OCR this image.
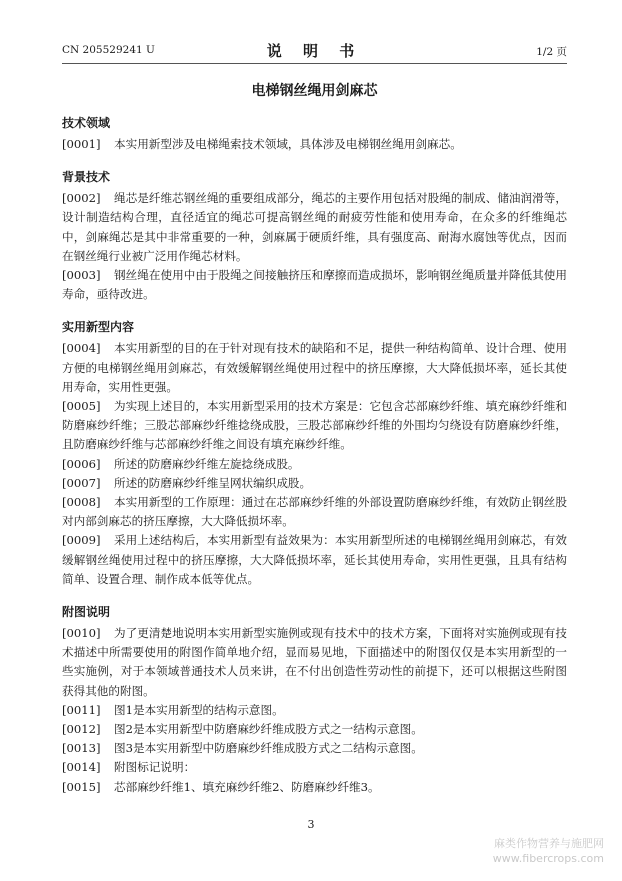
CN 205529241 U	说 明 书	1/2 页
电梯钢丝绳用剑麻芯
技术领域

[0001] 本实用新型涉及电梯绳索技术领域，具体涉及电梯钢丝绳用剑麻芯。

背景技术

[0002] 绳芯是纤维芯钢丝绳的重要组成部分，绳芯的主要作用包括对股绳的制成、储油润滑等，设计制造结构合理，直径适宜的绳芯可提高钢丝绳的耐疲劳性能和使用寿命，在众多的纤维绳芯中，剑麻绳芯是其中非常重要的一种，剑麻属于硬质纤维，具有强度高、耐海水腐蚀等优点，因而在钢丝绳行业被广泛用作绳芯材料。

[0003] 钢丝绳在使用中由于股绳之间接触挤压和摩擦而造成损坏，影响钢丝绳质量并降低其使用寿命，亟待改进。

实用新型内容

[0004] 本实用新型的目的在于针对现有技术的缺陷和不足，提供一种结构简单、设计合理、使用方便的电梯钢丝绳用剑麻芯，有效缓解钢丝绳使用过程中的挤压摩擦，大大降低损坏率，延长其使用寿命，实用性更强。

[0005] 为实现上述目的，本实用新型采用的技术方案是：它包含芯部麻纱纤维、填充麻纱纤维和防磨麻纱纤维；三股芯部麻纱纤维捻绕成股，三股芯部麻纱纤维的外围均匀绕设有防磨麻纱纤维，且防磨麻纱纤维与芯部麻纱纤维之间设有填充麻纱纤维。

[0006] 所述的防磨麻纱纤维左旋捻绕成股。

[0007] 所述的防磨麻纱纤维呈网状编织成股。

[0008] 本实用新型的工作原理：通过在芯部麻纱纤维的外部设置防磨麻纱纤维，有效防止钢丝股对内部剑麻芯的挤压摩擦，大大降低损坏率。

[0009] 采用上述结构后，本实用新型有益效果为：本实用新型所述的电梯钢丝绳用剑麻芯，有效缓解钢丝绳使用过程中的挤压摩擦，大大降低损坏率，延长其使用寿命，实用性更强，且具有结构简单、设置合理、制作成本低等优点。

附图说明

[0010] 为了更清楚地说明本实用新型实施例或现有技术中的技术方案，下面将对实施例或现有技术描述中所需要使用的附图作简单地介绍，显而易见地，下面描述中的附图仅仅是本实用新型的一些实施例，对于本领域普通技术人员来讲，在不付出创造性劳动性的前提下，还可以根据这些附图获得其他的附图。

[0011] 图1是本实用新型的结构示意图。

[0012] 图2是本实用新型中防磨麻纱纤维成股方式之一结构示意图。

[0013] 图3是本实用新型中防磨麻纱纤维成股方式之二结构示意图。

[0014] 附图标记说明：

[0015] 芯部麻纱纤维1、填充麻纱纤维2、防磨麻纱纤维3。

3
麻类作物营养与施肥网
www.fibercrops.com
